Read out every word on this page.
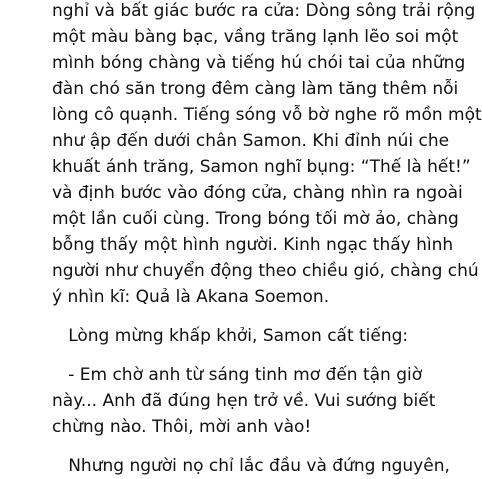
nghỉ và bất giác bước ra cửa: Dòng sông trải rộng
một màu bàng bạc, vầng trăng lạnh lẽo soi một
mình bóng chàng và tiếng hú chói tai của những
đàn chó săn trong đêm càng làm tăng thêm nỗi
lòng cô quạnh. Tiếng sóng vỗ bờ nghe rõ mồn một
như ập đến dưới chân Samon. Khi đỉnh núi che
khuất ánh trăng, Samon nghĩ bụng: “Thế là hết!”
và định bước vào đóng cửa, chàng nhìn ra ngoài
một lần cuối cùng. Trong bóng tối mờ ảo, chàng
bỗng thấy một hình người. Kinh ngạc thấy hình
người như chuyển động theo chiều gió, chàng chú
ý nhìn kĩ: Quả là Akana Soemon.

Lòng mừng khấp khởi, Samon cất tiếng:

- Em chờ anh từ sáng tinh mơ đến tận giờ
này... Anh đã đúng hẹn trở về. Vui sướng biết
chừng nào. Thôi, mời anh vào!

Nhưng người nọ chỉ lắc đầu và đứng nguyên,
